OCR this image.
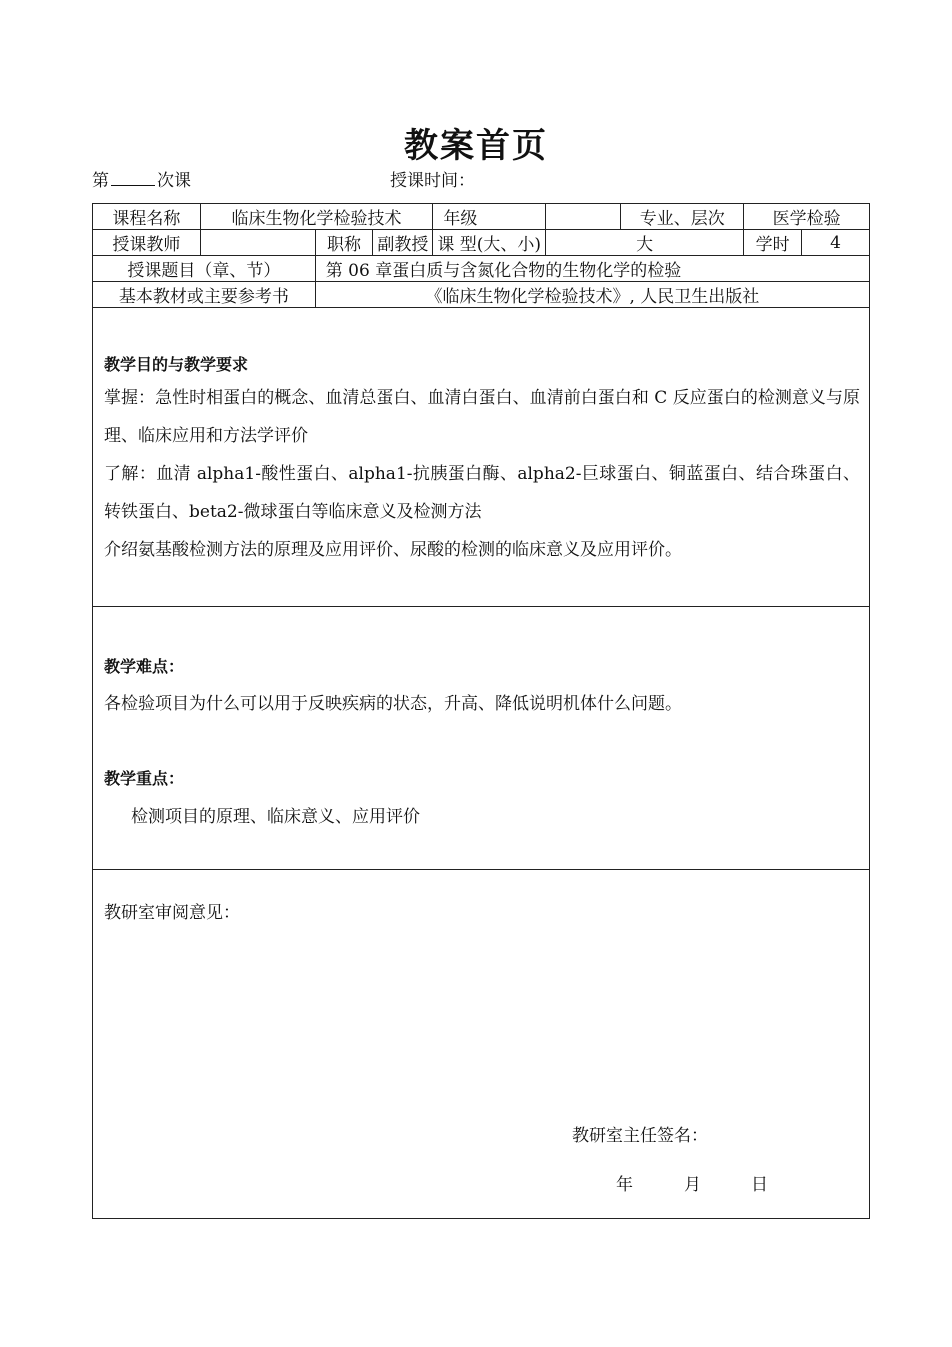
教案首页
第	次课	授课时间：
课程名称	临床生物化学检验技术			年级		专业、层次	医学检验	
授课教师		职称	副教授	课 型(大、小)	大		学时	4
授课题目（章、节）		第 06 章蛋白质与含氮化合物的生物化学的检验						
基本教材或主要参考书		《临床生物化学检验技术》, 人民卫生出版社						
教学目的与教学要求
掌握：急性时相蛋白的概念、血清总蛋白、血清白蛋白、血清前白蛋白和 C 反应蛋白的检测意义与原理、临床应用和方法学评价
了解：血清 alpha1-酸性蛋白、alpha1-抗胰蛋白酶、alpha2-巨球蛋白、铜蓝蛋白、结合珠蛋白、转铁蛋白、beta2-微球蛋白等临床意义及检测方法
介绍氨基酸检测方法的原理及应用评价、尿酸的检测的临床意义及应用评价。
教学难点：
各检验项目为什么可以用于反映疾病的状态，升高、降低说明机体什么问题。
教学重点：
检测项目的原理、临床意义、应用评价
教研室审阅意见：
教研室主任签名：
年	月	日
